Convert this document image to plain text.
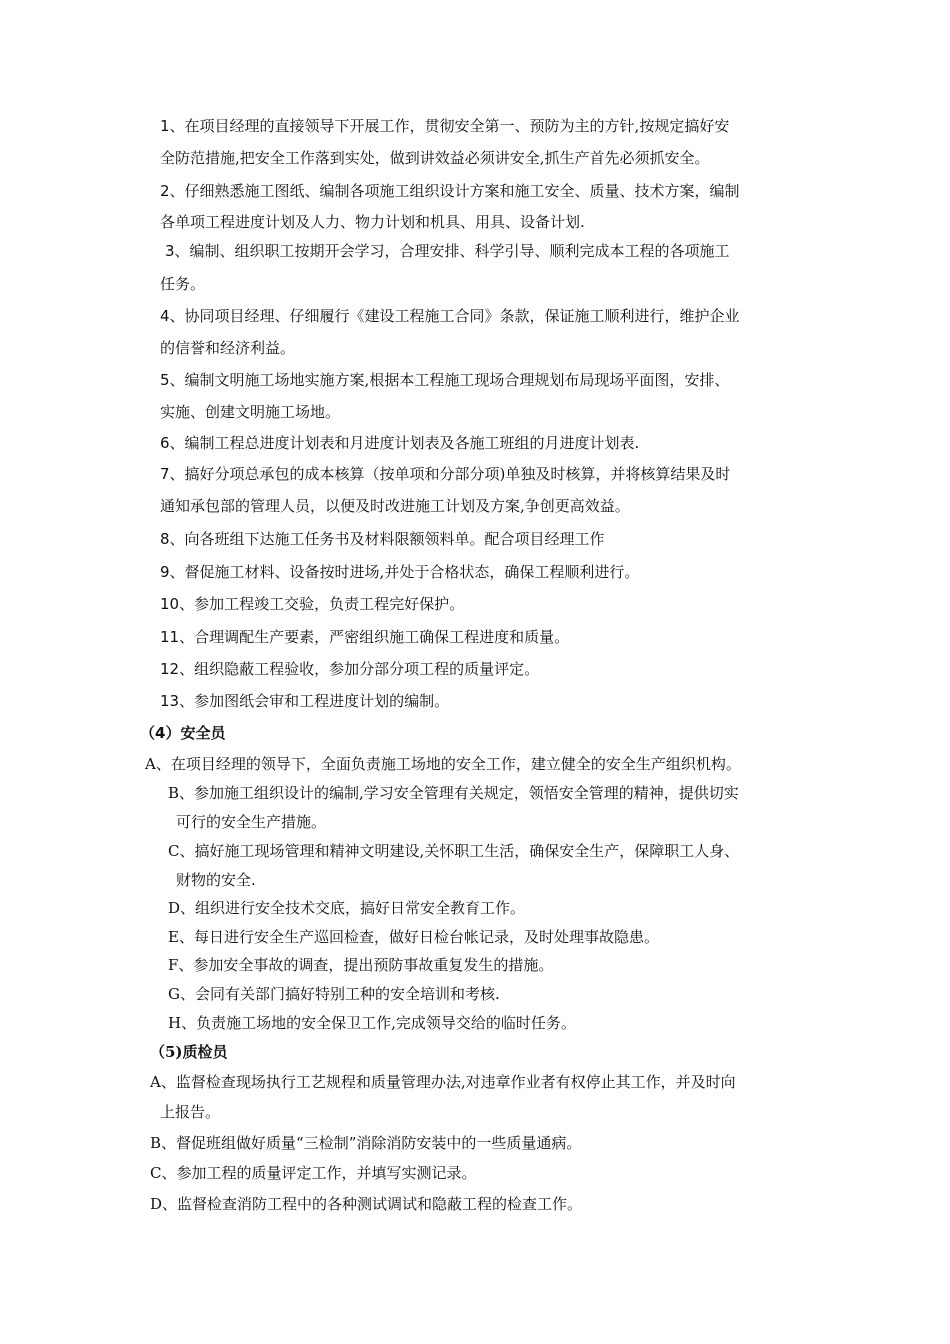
1、在项目经理的直接领导下开展工作，贯彻安全第一、预防为主的方针,按规定搞好安
全防范措施,把安全工作落到实处，做到讲效益必须讲安全,抓生产首先必须抓安全。
2、仔细熟悉施工图纸、编制各项施工组织设计方案和施工安全、质量、技术方案，编制
各单项工程进度计划及人力、物力计划和机具、用具、设备计划.
3、编制、组织职工按期开会学习，合理安排、科学引导、顺利完成本工程的各项施工
任务。
4、协同项目经理、仔细履行《建设工程施工合同》条款，保证施工顺利进行，维护企业
的信誉和经济利益。
5、编制文明施工场地实施方案,根据本工程施工现场合理规划布局现场平面图，安排、
实施、创建文明施工场地。
6、编制工程总进度计划表和月进度计划表及各施工班组的月进度计划表.
7、搞好分项总承包的成本核算（按单项和分部分项)单独及时核算，并将核算结果及时
通知承包部的管理人员，以便及时改进施工计划及方案,争创更高效益。
8、向各班组下达施工任务书及材料限额领料单。配合项目经理工作
9、督促施工材料、设备按时进场,并处于合格状态，确保工程顺利进行。
10、参加工程竣工交验，负责工程完好保护。
11、合理调配生产要素，严密组织施工确保工程进度和质量。
12、组织隐蔽工程验收，参加分部分项工程的质量评定。
13、参加图纸会审和工程进度计划的编制。
（4）安全员
A、在项目经理的领导下，全面负责施工场地的安全工作，建立健全的安全生产组织机构。
B、参加施工组织设计的编制,学习安全管理有关规定，领悟安全管理的精神，提供切实
可行的安全生产措施。
C、搞好施工现场管理和精神文明建设,关怀职工生活，确保安全生产，保障职工人身、
财物的安全.
D、组织进行安全技术交底，搞好日常安全教育工作。
E、每日进行安全生产巡回检查，做好日检台帐记录，及时处理事故隐患。
F、参加安全事故的调查，提出预防事故重复发生的措施。
G、会同有关部门搞好特别工种的安全培训和考核.
H、负责施工场地的安全保卫工作,完成领导交给的临时任务。
（5)质检员
A、监督检查现场执行工艺规程和质量管理办法,对违章作业者有权停止其工作，并及时向
上报告。
B、督促班组做好质量“三检制”消除消防安装中的一些质量通病。
C、参加工程的质量评定工作，并填写实测记录。
D、监督检查消防工程中的各种测试调试和隐蔽工程的检查工作。
